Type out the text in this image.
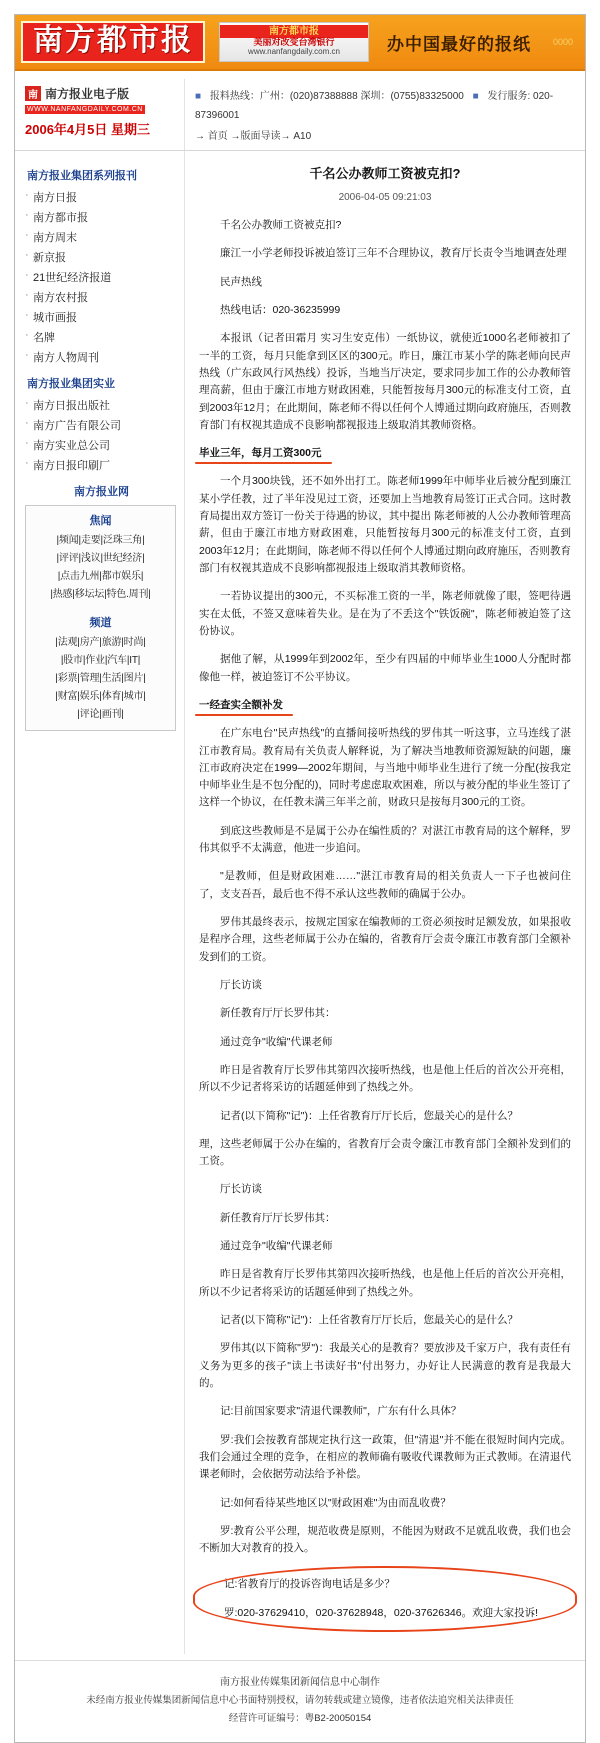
南方都市报	南方都市报
美丽对改变台湾银行
www.nanfangdaily.com.cn	办中国最好的报纸 0000
南 南方报业电子版
WWW.NANFANGDAILY.COM.CN
2006年4月5日 星期三
■ 报料热线：广州：(020)87388888 深圳：(0755)83325000 ■ 发行服务: 020-87396001
→ 首页 →版面导读→ A10
南方报业集团系列报刊
· 南方日报
· 南方都市报
· 南方周末
· 新京报
· 21世纪经济报道
· 南方农村报
· 城市画报
· 名牌
· 南方人物周刊
南方报业集团实业
· 南方日报出版社
· 南方广告有限公司
· 南方实业总公司
· 南方日报印刷厂
南方报业网
焦闻
|频闻|走要|泛珠三角|
|评评|浅议|世纪经济|
|点击九州|都市娱乐|
|热感|移坛坛|特色.周刊|
频道
|法观|房产|旅游|时尚|
|股市|作业|汽车|IT|
|彩票|管理|生活|图片|
|财富|娱乐|体育|城市|
|评论|画刊|
千名公办教师工资被克扣?
2006-04-05 09:21:03

千名公办教师工资被克扣?

廉江一小学老师投诉被迫签订三年不合理协议，教育厅长责令当地调查处理

民声热线

热线电话：020-36235999

本报讯（记者田霜月 实习生安克伟）一纸协议，就使近1000名老师被扣了一半的工资，每月只能拿到区区的300元。昨日，廉江市某小学的陈老师向民声热线（广东政风行风热线）投诉，当地当厅决定，要求同步加工作的公办教师管理高薪，但由于廉江市地方财政困难，只能暂按每月300元的标准支付工资，直到2003年12月；在此期间，陈老师不得以任何个人博通过期向政府施压，否则教育部门有权视其造成不良影响都视报违上级取消其教师资格。

毕业三年，每月工资300元

一个月300块钱，还不如外出打工。陈老师1999年中师毕业后被分配到廉江某小学任教，过了半年没见过工资，还要加上当地教育局签订正式合同。这时教育局提出双方签订一份关于待遇的协议，其中提出 陈老师被的人公办教师管理高薪，但由于廉江市地方财政困难，只能暂按每月300元的标准支付工资，直到2003年12月；在此期间，陈老师不得以任何个人博通过期向政府施压，否则教育部门有权视其造成不良影响都视报违上级取消其教师资格。

一若协议提出的300元，不买标准工资的一半，陈老师就像了眼，签吧待遇实在太低，不签又意味着失业。是在为了不丢这个"铁饭碗"，陈老师被迫签了这份协议。

据他了解，从1999年到2002年，至少有四届的中师毕业生1000人分配时都像他一样，被迫签订不公平协议。

一经查实全额补发

在广东电台"民声热线"的直播间接听热线的罗伟其一听这事，立马连线了湛江市教育局。教育局有关负责人解释说，为了解决当地教师资源短缺的问题，廉江市政府决定在1999—2002年期间，与当地中师毕业生进行了统一分配(按我定中师毕业生是不包分配的)，同时考虑虑取欢困难，所以与被分配的毕业生签订了这样一个协议，在任教未满三年半之前，财政只是按每月300元的工资。

到底这些教师是不是属于公办在编性质的？对湛江市教育局的这个解释，罗伟其似乎不太满意，他进一步追问。

"是教师，但是财政困难……"湛江市教育局的相关负责人一下子也被问住了，支支吾吾，最后也不得不承认这些教师的确属于公办。

罗伟其最终表示，按规定国家在编教师的工资必须按时足额发放，如果报收是程序合理，这些老师属于公办在编的，省教育厅会责令廉江市教育部门全额补发到们的工资。

厅长访谈

新任教育厅厅长罗伟其：

通过竞争"收编"代课老师

昨日是省教育厅长罗伟其第四次接听热线，也是他上任后的首次公开亮相，所以不少记者将采访的话题延伸到了热线之外。

记者(以下简称"记")：上任省教育厅厅长后，您最关心的是什么？

理，这些老师属于公办在编的，省教育厅会责令廉江市教育部门全额补发到们的工资。

厅长访谈

新任教育厅厅长罗伟其：

通过竞争"收编"代课老师

昨日是省教育厅长罗伟其第四次接听热线，也是他上任后的首次公开亮相，所以不少记者将采访的话题延伸到了热线之外。

记者(以下简称"记")：上任省教育厅厅长后，您最关心的是什么？

罗伟其(以下简称"罗")：我最关心的是教育？要放涉及千家万户，我有责任有义务为更多的孩子"读上书读好书"付出努力，办好让人民满意的教育是我最大的。

记:目前国家要求"清退代课教师"，广东有什么具体？

罗:我们会按教育部规定执行这一政策，但"清退"并不能在很短时间内完成。我们会通过全理的竞争，在相应的教师确有吸收代课教师为正式教师。在清退代课老师时，会依据劳动法给予补偿。

记:如何看待某些地区以"财政困难"为由而乱收费？

罗:教育公平公理，规范收费是原则，不能因为财政不足就乱收费，我们也会不断加大对教育的投入。

记:省教育厅的投诉咨询电话是多少？

罗:020-37629410，020-37628948，020-37626346。欢迎大家投诉!

南方报业传媒集团新闻信息中心制作
未经南方报业传媒集团新闻信息中心书面特别授权，请勿转载或建立镜像，违者依法追究相关法律责任
经营许可证编号：粤B2-20050154
